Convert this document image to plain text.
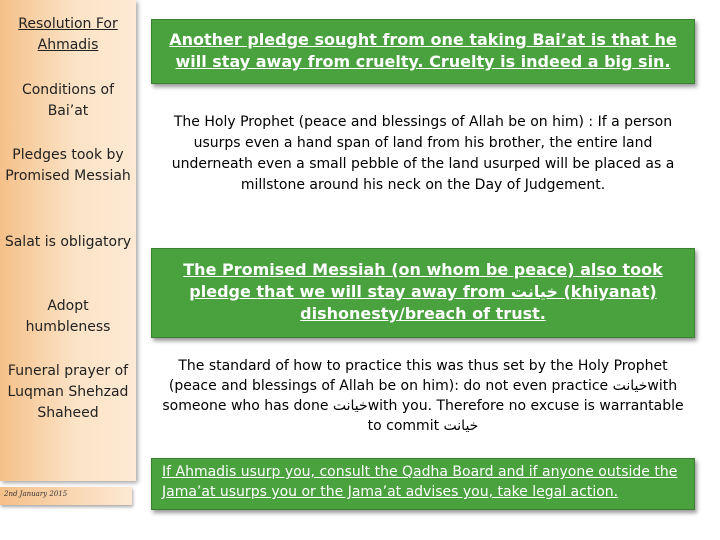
Resolution For Ahmadis
Conditions of Bai’at
Pledges took by Promised Messiah
Salat is obligatory
Adopt humbleness
Funeral prayer of Luqman Shehzad Shaheed
2nd January 2015
Another pledge sought from one taking Bai’at is that he will stay away from cruelty. Cruelty is indeed a big sin.
The Holy Prophet (peace and blessings of Allah be on him) : If a person usurps even a hand span of land from his brother, the entire land underneath even a small pebble of the land usurped will be placed as a millstone around his neck on the Day of Judgement.
The Promised Messiah (on whom be peace) also took pledge that we will stay away from خیانت (khiyanat) dishonesty/breach of trust.
The standard of how to practice this was thus set by the Holy Prophet (peace and blessings of Allah be on him): do not even practice خیانتwith someone who has done خیانتwith you. Therefore no excuse is warrantable to commit خیانت
If Ahmadis usurp you, consult the Qadha Board and if anyone outside the Jama’at usurps you or the Jama’at advises you, take legal action.
